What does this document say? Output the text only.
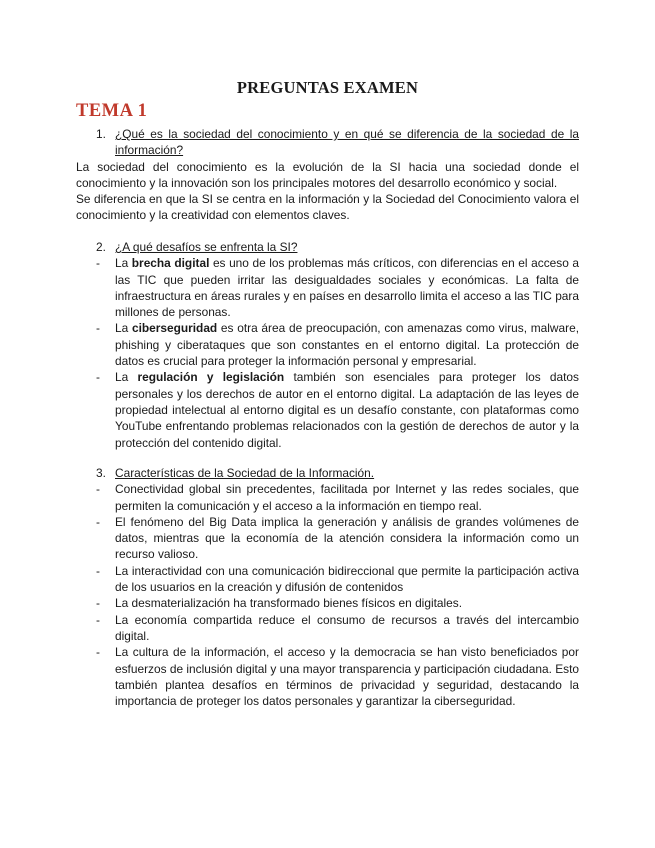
PREGUNTAS EXAMEN
TEMA 1
1. ¿Qué es la sociedad del conocimiento y en qué se diferencia de la sociedad de la información?
La sociedad del conocimiento es la evolución de la SI hacia una sociedad donde el conocimiento y la innovación son los principales motores del desarrollo económico y social.
Se diferencia en que la SI se centra en la información y la Sociedad del Conocimiento valora el conocimiento y la creatividad con elementos claves.
2. ¿A qué desafíos se enfrenta la SI?
-	La brecha digital es uno de los problemas más críticos, con diferencias en el acceso a las TIC que pueden irritar las desigualdades sociales y económicas. La falta de infraestructura en áreas rurales y en países en desarrollo limita el acceso a las TIC para millones de personas.
-	La ciberseguridad es otra área de preocupación, con amenazas como virus, malware, phishing y ciberataques que son constantes en el entorno digital. La protección de datos es crucial para proteger la información personal y empresarial.
-	La regulación y legislación también son esenciales para proteger los datos personales y los derechos de autor en el entorno digital. La adaptación de las leyes de propiedad intelectual al entorno digital es un desafío constante, con plataformas como YouTube enfrentando problemas relacionados con la gestión de derechos de autor y la protección del contenido digital.
3. Características de la Sociedad de la Información.
-	Conectividad global sin precedentes, facilitada por Internet y las redes sociales, que permiten la comunicación y el acceso a la información en tiempo real.
-	El fenómeno del Big Data implica la generación y análisis de grandes volúmenes de datos, mientras que la economía de la atención considera la información como un recurso valioso.
-	La interactividad con una comunicación bidireccional que permite la participación activa de los usuarios en la creación y difusión de contenidos
-	La desmaterialización ha transformado bienes físicos en digitales.
-	La economía compartida reduce el consumo de recursos a través del intercambio digital.
-	La cultura de la información, el acceso y la democracia se han visto beneficiados por esfuerzos de inclusión digital y una mayor transparencia y participación ciudadana. Esto también plantea desafíos en términos de privacidad y seguridad, destacando la importancia de proteger los datos personales y garantizar la ciberseguridad.
